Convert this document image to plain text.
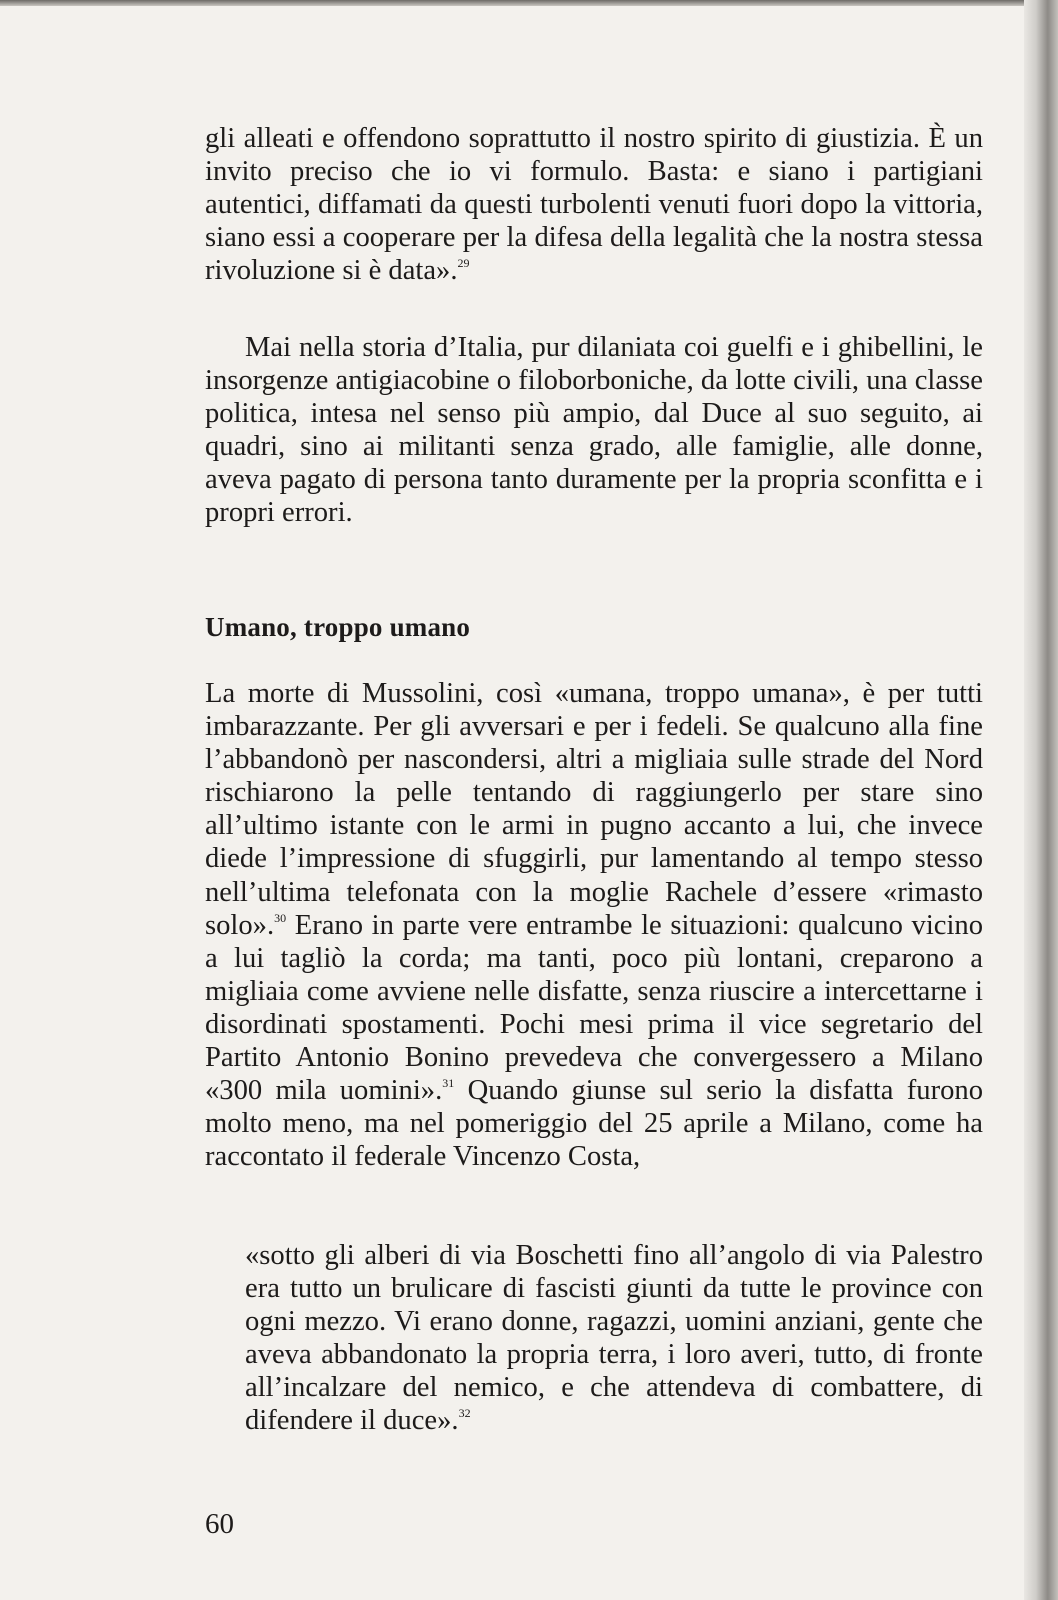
gli alleati e offendono soprattutto il nostro spirito di giustizia. È un invito preciso che io vi formulo. Basta: e siano i partigiani autentici, diffamati da questi turbolenti venuti fuori dopo la vittoria, siano essi a cooperare per la difesa della legalità che la nostra stessa rivoluzione si è data».$^{29}$

Mai nella storia d’Italia, pur dilaniata coi guelfi e i ghibellini, le insorgenze antigiacobine o filoborboniche, da lotte civili, una classe politica, intesa nel senso più ampio, dal Duce al suo seguito, ai quadri, sino ai militanti senza grado, alle famiglie, alle donne, aveva pagato di persona tanto duramente per la propria sconfitta e i propri errori.

Umano, troppo umano

La morte di Mussolini, così «umana, troppo umana», è per tutti imbarazzante. Per gli avversari e per i fedeli. Se qualcuno alla fine l’abbandonò per nascondersi, altri a migliaia sulle strade del Nord rischiarono la pelle tentando di raggiungerlo per stare sino all’ultimo istante con le armi in pugno accanto a lui, che invece diede l’impressione di sfuggirli, pur lamentando al tempo stesso nell’ultima telefonata con la moglie Rachele d’essere «rimasto solo».$^{30}$ Erano in parte vere entrambe le situazioni: qualcuno vicino a lui tagliò la corda; ma tanti, poco più lontani, creparono a migliaia come avviene nelle disfatte, senza riuscire a intercettarne i disordinati spostamenti. Pochi mesi prima il vice segretario del Partito Antonio Bonino prevedeva che convergessero a Milano «300 mila uomini».$^{31}$ Quando giunse sul serio la disfatta furono molto meno, ma nel pomeriggio del 25 aprile a Milano, come ha raccontato il federale Vincenzo Costa,

«sotto gli alberi di via Boschetti fino all’angolo di via Palestro era tutto un brulicare di fascisti giunti da tutte le province con ogni mezzo. Vi erano donne, ragazzi, uomini anziani, gente che aveva abbandonato la propria terra, i loro averi, tutto, di fronte all’incalzare del nemico, e che attendeva di combattere, di difendere il duce».$^{32}$
60
